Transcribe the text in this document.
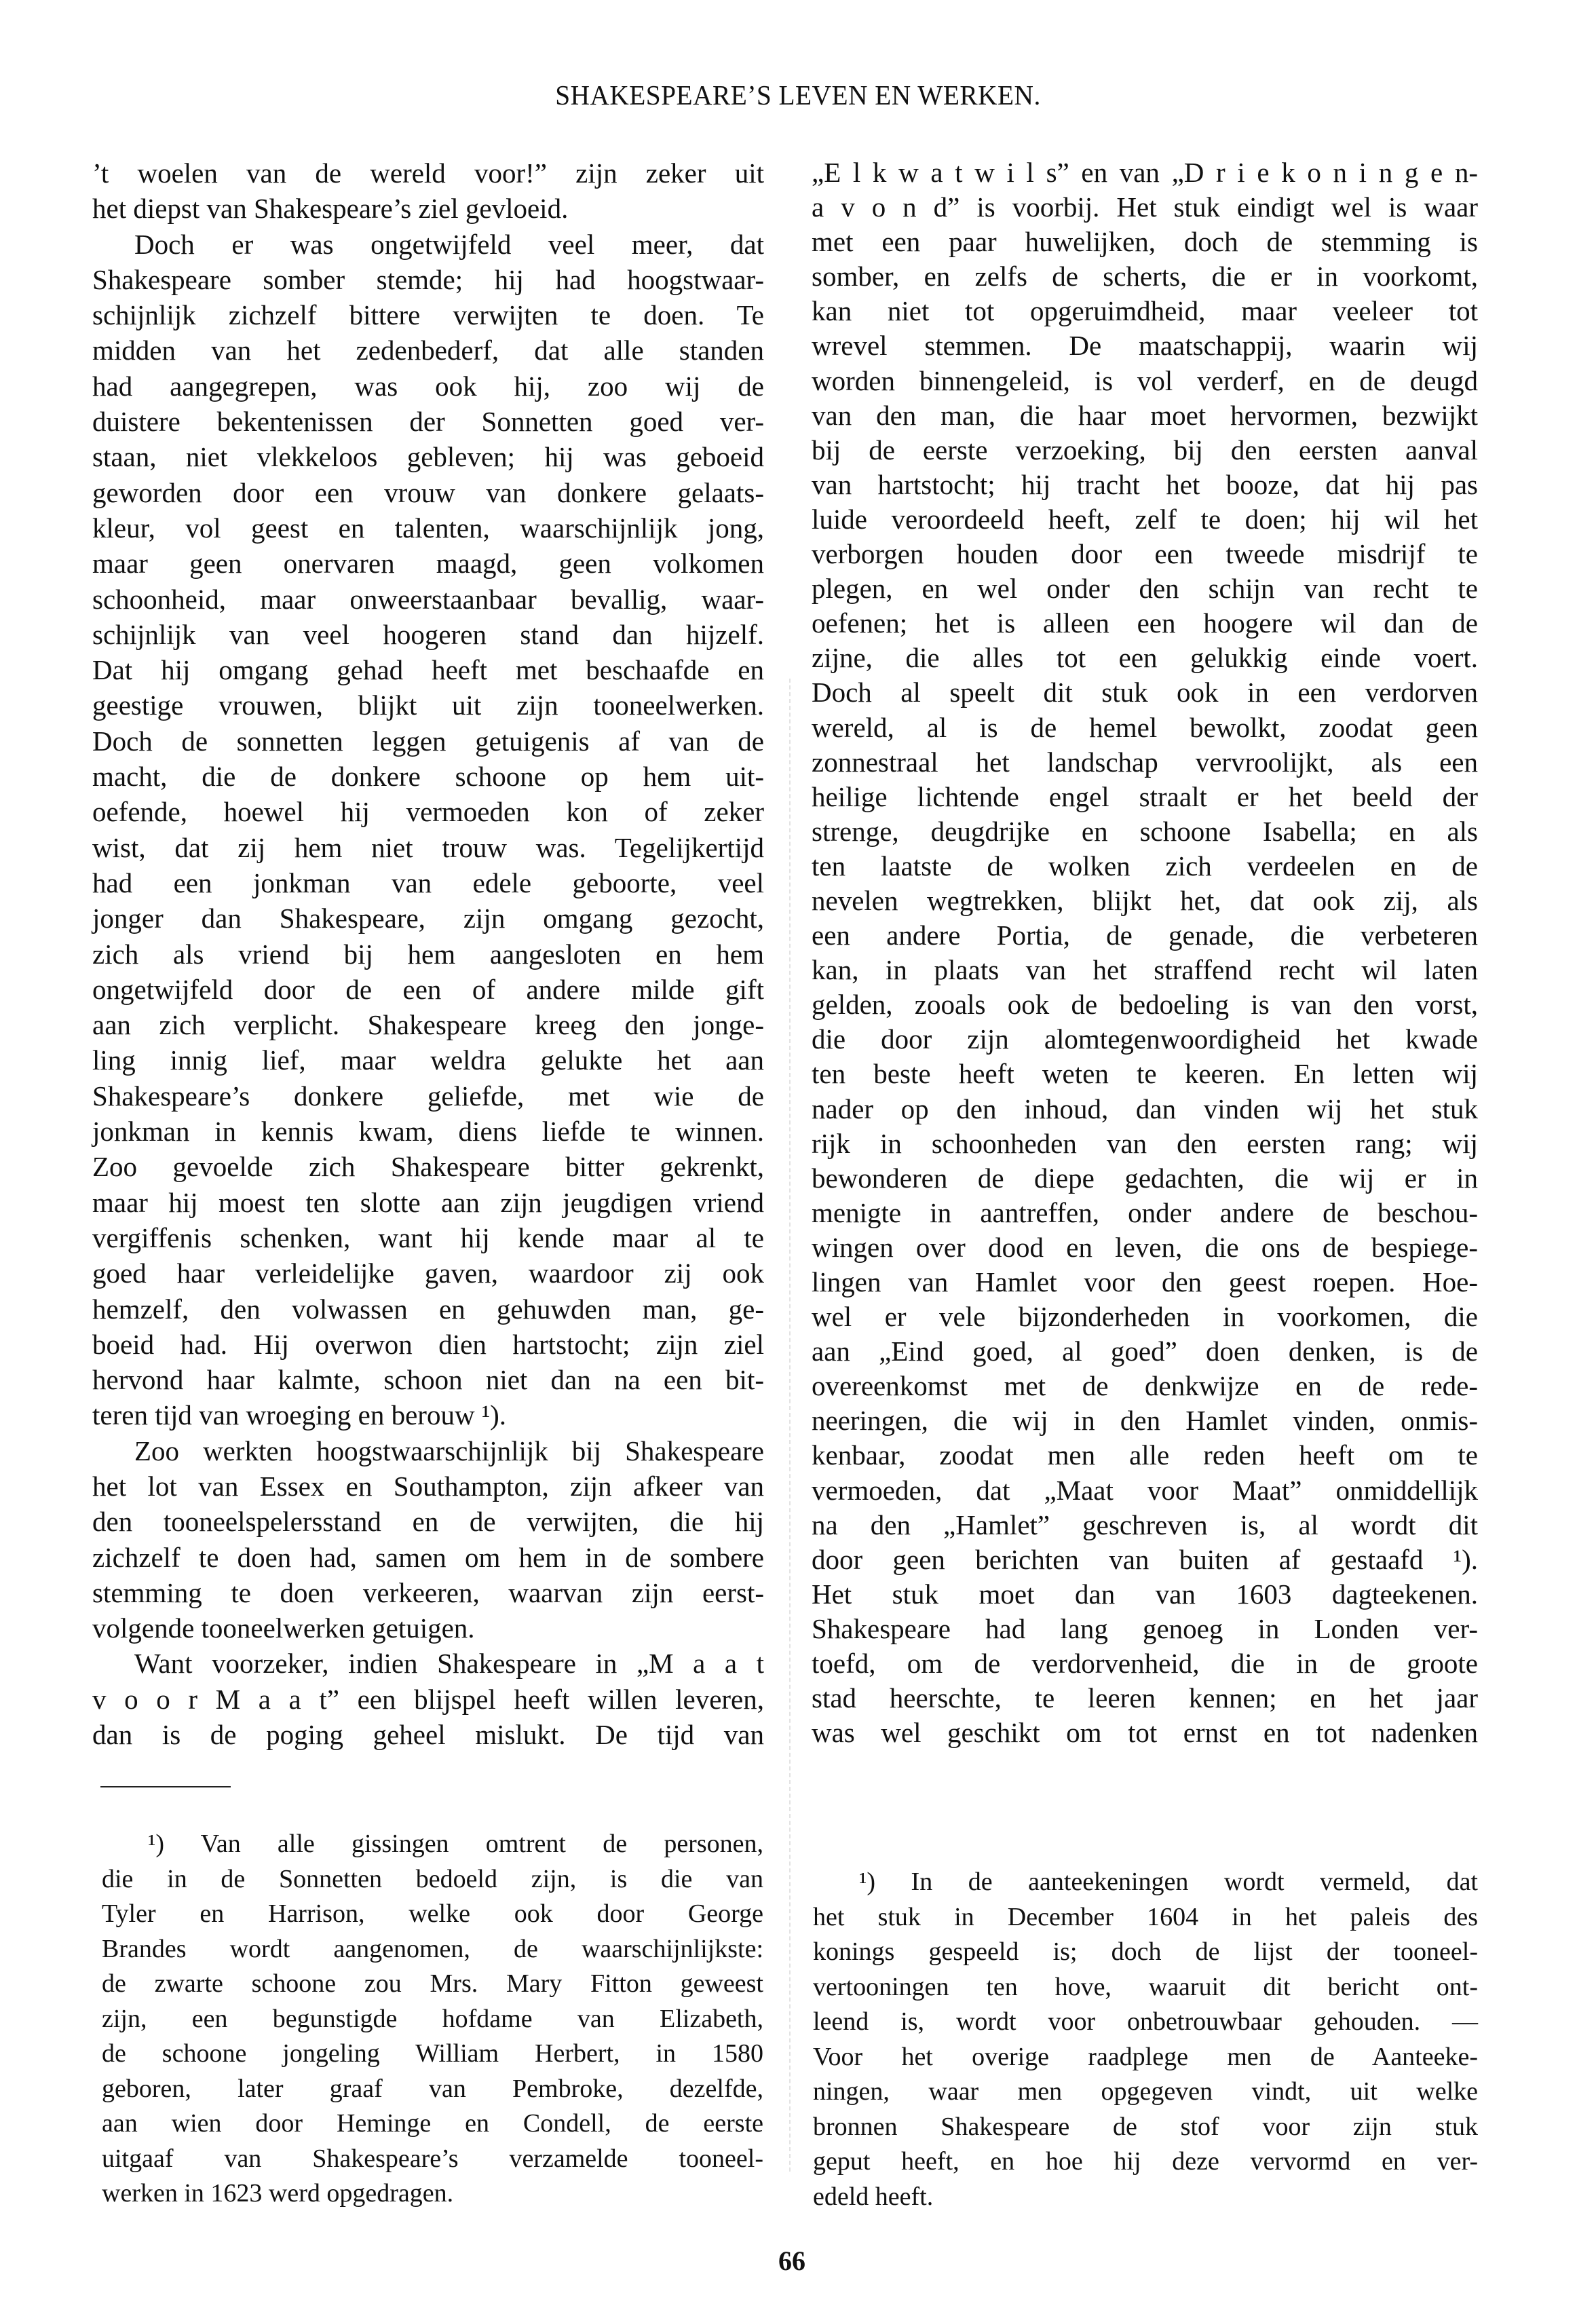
SHAKESPEARE’S LEVEN EN WERKEN.
’t woelen van de wereld voor!” zijn zeker uit
het diepst van Shakespeare’s ziel gevloeid.
Doch er was ongetwijfeld veel meer, dat
Shakespeare somber stemde; hij had hoogstwaar-
schijnlijk zichzelf bittere verwijten te doen. Te
midden van het zedenbederf, dat alle standen
had aangegrepen, was ook hij, zoo wij de
duistere bekentenissen der Sonnetten goed ver-
staan, niet vlekkeloos gebleven; hij was geboeid
geworden door een vrouw van donkere gelaats-
kleur, vol geest en talenten, waarschijnlijk jong,
maar geen onervaren maagd, geen volkomen
schoonheid, maar onweerstaanbaar bevallig, waar-
schijnlijk van veel hoogeren stand dan hijzelf.
Dat hij omgang gehad heeft met beschaafde en
geestige vrouwen, blijkt uit zijn tooneelwerken.
Doch de sonnetten leggen getuigenis af van de
macht, die de donkere schoone op hem uit-
oefende, hoewel hij vermoeden kon of zeker
wist, dat zij hem niet trouw was. Tegelijkertijd
had een jonkman van edele geboorte, veel
jonger dan Shakespeare, zijn omgang gezocht,
zich als vriend bij hem aangesloten en hem
ongetwijfeld door de een of andere milde gift
aan zich verplicht. Shakespeare kreeg den jonge-
ling innig lief, maar weldra gelukte het aan
Shakespeare’s donkere geliefde, met wie de
jonkman in kennis kwam, diens liefde te winnen.
Zoo gevoelde zich Shakespeare bitter gekrenkt,
maar hij moest ten slotte aan zijn jeugdigen vriend
vergiffenis schenken, want hij kende maar al te
goed haar verleidelijke gaven, waardoor zij ook
hemzelf, den volwassen en gehuwden man, ge-
boeid had. Hij overwon dien hartstocht; zijn ziel
hervond haar kalmte, schoon niet dan na een bit-
teren tijd van wroeging en berouw ¹).
Zoo werkten hoogstwaarschijnlijk bij Shakespeare
het lot van Essex en Southampton, zijn afkeer van
den tooneelspelersstand en de verwijten, die hij
zichzelf te doen had, samen om hem in de sombere
stemming te doen verkeeren, waarvan zijn eerst-
volgende tooneelwerken getuigen.
Want voorzeker, indien Shakespeare in „M a a t
v o o r M a a t” een blijspel heeft willen leveren,
dan is de poging geheel mislukt. De tijd van
„E l k w a t w i l s” en van „D r i e k o n i n g e n-
a v o n d” is voorbij. Het stuk eindigt wel is waar
met een paar huwelijken, doch de stemming is
somber, en zelfs de scherts, die er in voorkomt,
kan niet tot opgeruimdheid, maar veeleer tot
wrevel stemmen. De maatschappij, waarin wij
worden binnengeleid, is vol verderf, en de deugd
van den man, die haar moet hervormen, bezwijkt
bij de eerste verzoeking, bij den eersten aanval
van hartstocht; hij tracht het booze, dat hij pas
luide veroordeeld heeft, zelf te doen; hij wil het
verborgen houden door een tweede misdrijf te
plegen, en wel onder den schijn van recht te
oefenen; het is alleen een hoogere wil dan de
zijne, die alles tot een gelukkig einde voert.
Doch al speelt dit stuk ook in een verdorven
wereld, al is de hemel bewolkt, zoodat geen
zonnestraal het landschap vervroolijkt, als een
heilige lichtende engel straalt er het beeld der
strenge, deugdrijke en schoone Isabella; en als
ten laatste de wolken zich verdeelen en de
nevelen wegtrekken, blijkt het, dat ook zij, als
een andere Portia, de genade, die verbeteren
kan, in plaats van het straffend recht wil laten
gelden, zooals ook de bedoeling is van den vorst,
die door zijn alomtegenwoordigheid het kwade
ten beste heeft weten te keeren. En letten wij
nader op den inhoud, dan vinden wij het stuk
rijk in schoonheden van den eersten rang; wij
bewonderen de diepe gedachten, die wij er in
menigte in aantreffen, onder andere de beschou-
wingen over dood en leven, die ons de bespiege-
lingen van Hamlet voor den geest roepen. Hoe-
wel er vele bijzonderheden in voorkomen, die
aan „Eind goed, al goed” doen denken, is de
overeenkomst met de denkwijze en de rede-
neeringen, die wij in den Hamlet vinden, onmis-
kenbaar, zoodat men alle reden heeft om te
vermoeden, dat „Maat voor Maat” onmiddellijk
na den „Hamlet” geschreven is, al wordt dit
door geen berichten van buiten af gestaafd ¹).
Het stuk moet dan van 1603 dagteekenen.
Shakespeare had lang genoeg in Londen ver-
toefd, om de verdorvenheid, die in de groote
stad heerschte, te leeren kennen; en het jaar
was wel geschikt om tot ernst en tot nadenken
¹) Van alle gissingen omtrent de personen,
die in de Sonnetten bedoeld zijn, is die van
Tyler en Harrison, welke ook door George
Brandes wordt aangenomen, de waarschijnlijkste:
de zwarte schoone zou Mrs. Mary Fitton geweest
zijn, een begunstigde hofdame van Elizabeth,
de schoone jongeling William Herbert, in 1580
geboren, later graaf van Pembroke, dezelfde,
aan wien door Heminge en Condell, de eerste
uitgaaf van Shakespeare’s verzamelde tooneel-
werken in 1623 werd opgedragen.
¹) In de aanteekeningen wordt vermeld, dat
het stuk in December 1604 in het paleis des
konings gespeeld is; doch de lijst der tooneel-
vertooningen ten hove, waaruit dit bericht ont-
leend is, wordt voor onbetrouwbaar gehouden. —
Voor het overige raadplege men de Aanteeke-
ningen, waar men opgegeven vindt, uit welke
bronnen Shakespeare de stof voor zijn stuk
geput heeft, en hoe hij deze vervormd en ver-
edeld heeft.
66
